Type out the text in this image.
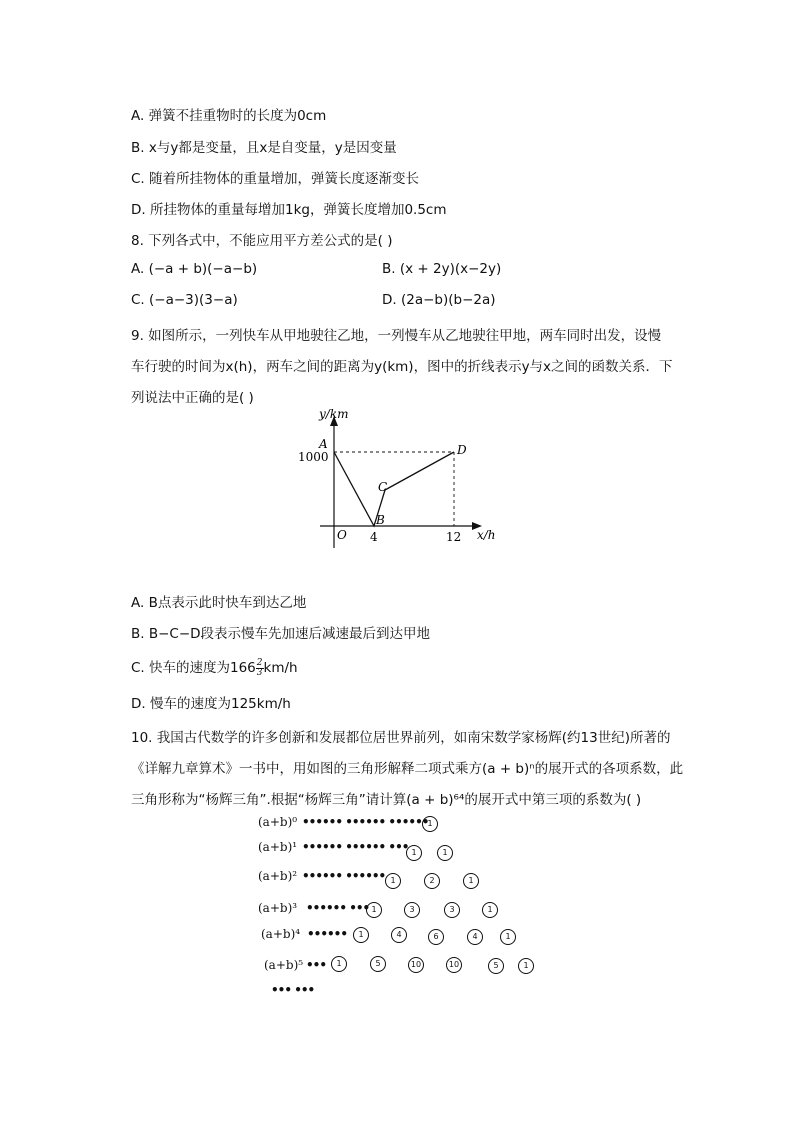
A. 弹簧不挂重物时的长度为0cm
B. x与y都是变量，且x是自变量，y是因变量
C. 随着所挂物体的重量增加，弹簧长度逐渐变长
D. 所挂物体的重量每增加1kg，弹簧长度增加0.5cm
8. 下列各式中，不能应用平方差公式的是( )
A. (−a + b)(−a−b)	B. (x + 2y)(x−2y)
C. (−a−3)(3−a)	D. (2a−b)(b−2a)
9. 如图所示，一列快车从甲地驶往乙地，一列慢车从乙地驶往甲地，两车同时出发，设慢
车行驶的时间为x(h)，两车之间的距离为y(km)，图中的折线表示y与x之间的函数关系．下
列说法中正确的是( )
y/km
x/h
1000
4	12
O
A
B
C
D
A. B点表示此时快车到达乙地
B. B−C−D段表示慢车先加速后减速最后到达甲地
C. 快车的速度为$166 \frac{2}{3} km/h$
D. 慢车的速度为125km/h
10. 我国古代数学的许多创新和发展都位居世界前列，如南宋数学家杨辉(约13世纪)所著的
《详解九章算术》一书中，用如图的三角形解释二项式乘方(a + b)ⁿ的展开式的各项系数，此
三角形称为“杨辉三角”.根据“杨辉三角”请计算(a + b)⁶⁴的展开式中第三项的系数为( )
(a+b)⁰ •••••• •••••• ••••••
(a+b)¹ •••••• •••••• •••
(a+b)² •••••• ••••••
(a+b)³ •••••• •••
(a+b)⁴ ••••••
(a+b)⁵ •••
••• •••
1
1	1
1	2	1
1	3	3	1
1	4	6	4	1
1	5	10	10	5	1
